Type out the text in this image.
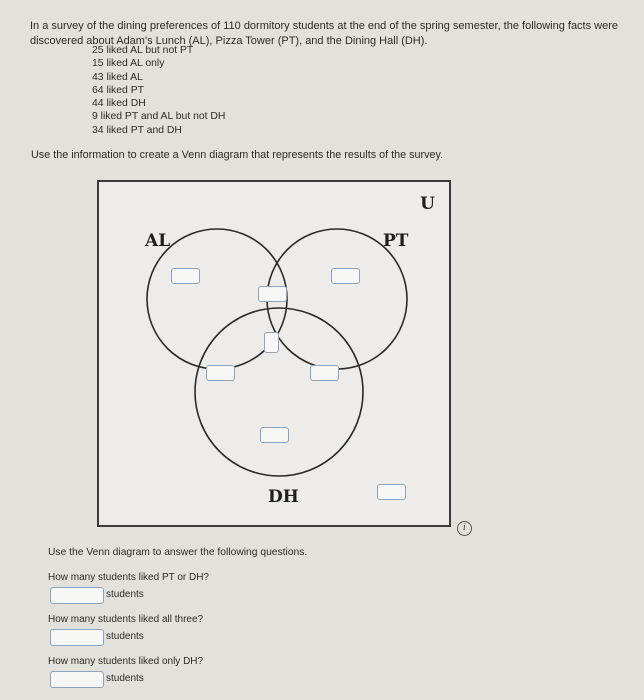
In a survey of the dining preferences of 110 dormitory students at the end of the spring semester, the following facts were discovered about Adam's Lunch (AL), Pizza Tower (PT), and the Dining Hall (DH).
25 liked AL but not PT
15 liked AL only
43 liked AL
64 liked PT
44 liked DH
9 liked PT and AL but not DH
34 liked PT and DH
Use the information to create a Venn diagram that represents the results of the survey.
U
AL	PT
DH
i
Use the Venn diagram to answer the following questions.
How many students liked PT or DH?
students
How many students liked all three?
students
How many students liked only DH?
students
